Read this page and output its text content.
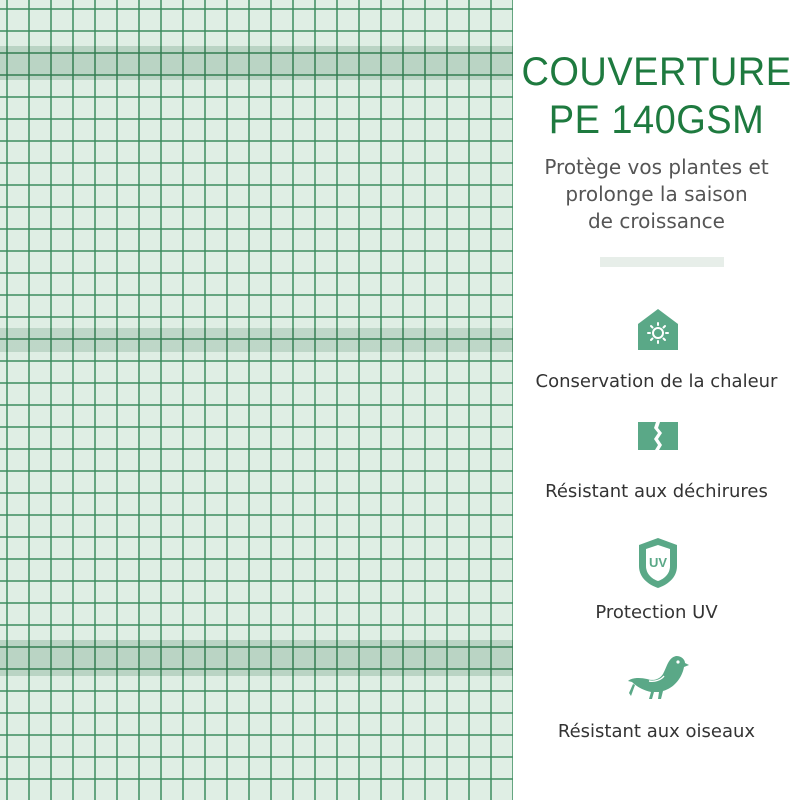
COUVERTURE
PE 140GSM
Protège vos plantes et
prolonge la saison
de croissance
Conservation de la chaleur
Résistant aux déchirures
UV
Protection UV
Résistant aux oiseaux
